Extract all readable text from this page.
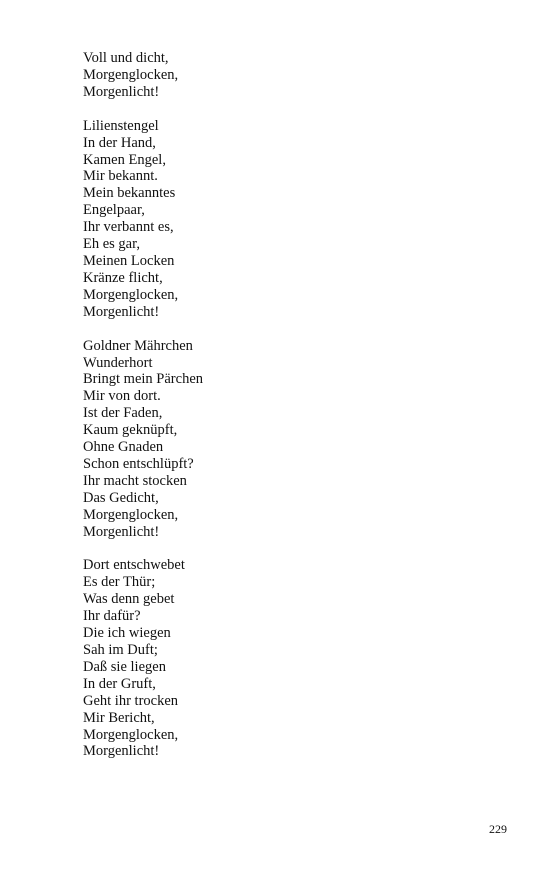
Voll und dicht,
Morgenglocken,
Morgenlicht!
Lilienstengel
In der Hand,
Kamen Engel,
Mir bekannt.
Mein bekanntes
Engelpaar,
Ihr verbannt es,
Eh es gar,
Meinen Locken
Kränze flicht,
Morgenglocken,
Morgenlicht!
Goldner Mährchen
Wunderhort
Bringt mein Pärchen
Mir von dort.
Ist der Faden,
Kaum geknüpft,
Ohne Gnaden
Schon entschlüpft?
Ihr macht stocken
Das Gedicht,
Morgenglocken,
Morgenlicht!
Dort entschwebet
Es der Thür;
Was denn gebet
Ihr dafür?
Die ich wiegen
Sah im Duft;
Daß sie liegen
In der Gruft,
Geht ihr trocken
Mir Bericht,
Morgenglocken,
Morgenlicht!
229
